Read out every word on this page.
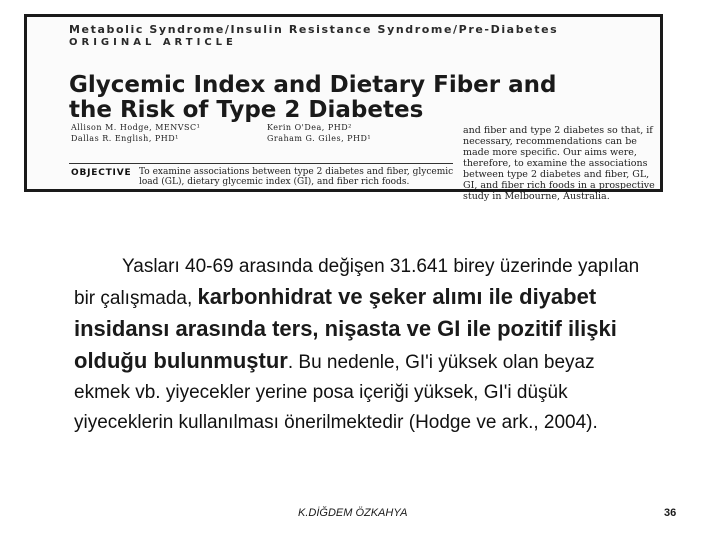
Metabolic Syndrome/Insulin Resistance Syndrome/Pre-Diabetes
ORIGINAL ARTICLE
Glycemic Index and Dietary Fiber and
the Risk of Type 2 Diabetes
Allison M. Hodge, MENVSC¹
Dallas R. English, PHD¹
Kerin O'Dea, PHD²
Graham G. Giles, PHD¹
and fiber and type 2 diabetes so that, if necessary, recommendations can be made more specific. Our aims were, therefore, to examine the associations between type 2 diabetes and fiber, GL, GI, and fiber rich foods in a prospective study in Melbourne, Australia.
OBJECTIVE To examine associations between type 2 diabetes and fiber, glycemic load (GL), dietary glycemic index (GI), and fiber rich foods.
Yasları 40-69 arasında değişen 31.641 birey üzerinde yapılan bir çalışmada, karbonhidrat ve şeker alımı ile diyabet insidansı arasında ters, nişasta ve GI ile pozitif ilişki olduğu bulunmuştur. Bu nedenle, GI'i yüksek olan beyaz ekmek vb. yiyecekler yerine posa içeriği yüksek, GI'i düşük yiyeceklerin kullanılması önerilmektedir (Hodge ve ark., 2004).
K.DİĞDEM ÖZKAHYA	36
